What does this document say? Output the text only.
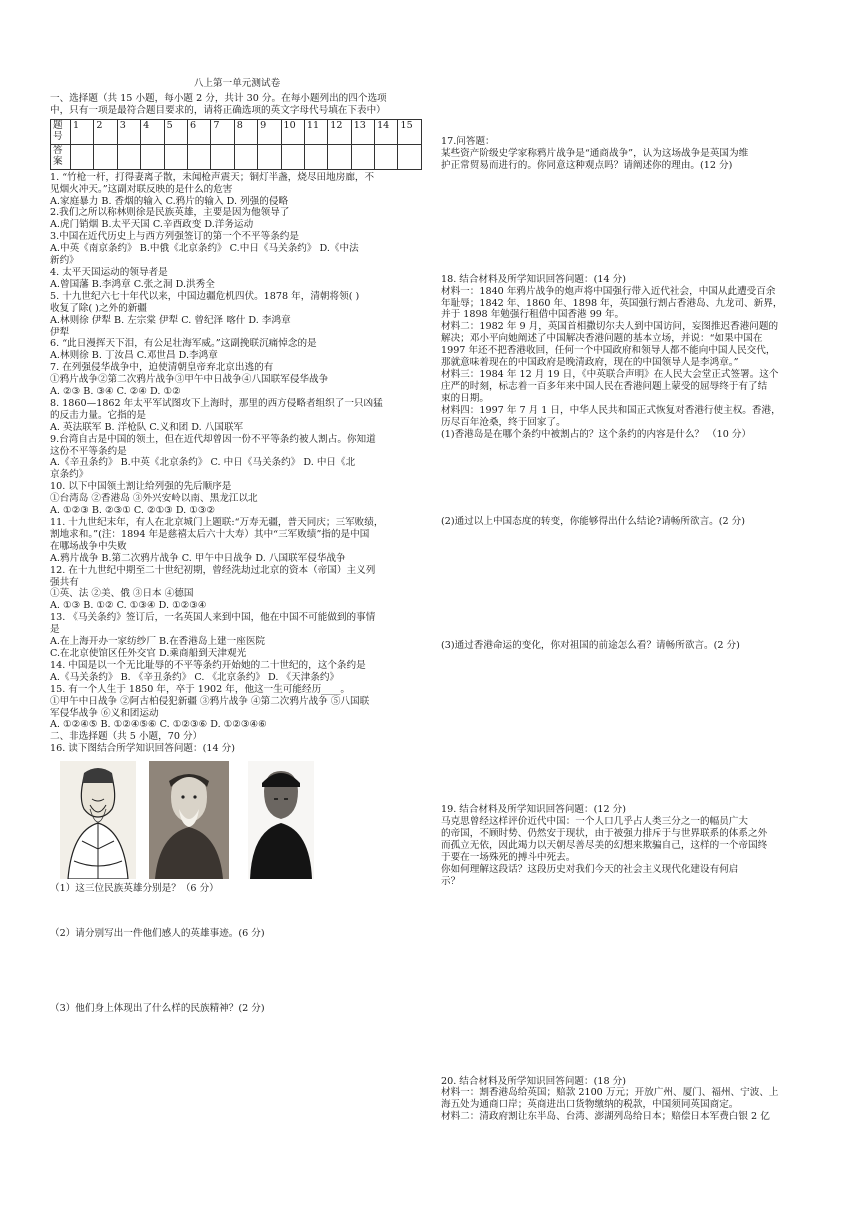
八上第一单元测试卷
一、选择题（共 15 小题，每小题 2 分，共计 30 分。在每小题列出的四个选项
中，只有一项是最符合题目要求的，请将正确选项的英文字母代号填在下表中）
题
号	1	2	3	4	5	6	7	8	9	10	11	12	13	14	15
答
案															
1. “竹枪一杆，打得妻离子散，未闻枪声震天；铜灯半盏，烧尽田地房廊，不
见烟火冲天。”这副对联反映的是什么的危害
A.家庭暴力 B. 香烟的输入 C.鸦片的输入 D. 列强的侵略
2.我们之所以称林则徐是民族英雄，主要是因为他领导了
A.虎门销烟 B.太平天国 C.辛酉政变 D.洋务运动
3.中国在近代历史上与西方列强签订的第一个不平等条约是
A.中英《南京条约》 B.中俄《北京条约》 C.中日《马关条约》 D.《中法
新约》
4. 太平天国运动的领导者是
A.曾国藩 B.李鸿章 C.张之洞 D.洪秀全
5. 十九世纪六七十年代以来，中国边疆危机四伏。1878 年，清朝将领( )
收复了除( )之外的新疆
A.林则徐 伊犁 B. 左宗棠 伊犁 C. 曾纪泽 喀什 D. 李鸿章
伊犁
6. “此日漫挥天下泪，有公足壮海军威。”这副挽联沉痛悼念的是
A.林则徐 B. 丁汝昌 C.邓世昌 D.李鸿章
7. 在列强侵华战争中，迫使清朝皇帝弃北京出逃的有
①鸦片战争②第二次鸦片战争③甲午中日战争④八国联军侵华战争
A. ②③ B. ③④ C. ②④ D. ①②
8. 1860—1862 年太平军试图攻下上海时，那里的西方侵略者组织了一只凶猛
的反击力量。它指的是
A. 英法联军 B. 洋枪队 C.义和团 D. 八国联军
9.台湾自古是中国的领土，但在近代却曾因一份不平等条约被人割占。你知道
这份不平等条约是
A.《辛丑条约》 B.中英《北京条约》 C. 中日《马关条约》 D. 中日《北
京条约》
10. 以下中国领土割让给列强的先后顺序是
①台湾岛 ②香港岛 ③外兴安岭以南、黑龙江以北
A. ①②③ B. ②③① C. ②①③ D. ①③②
11. 十九世纪末年，有人在北京城门上题联:“万寿无疆，普天同庆；三军败绩，
割地求和。”(注：1894 年是慈禧太后六十大寿）其中“三军败绩”指的是中国
在哪场战争中失败
A.鸦片战争 B.第二次鸦片战争 C. 甲午中日战争 D. 八国联军侵华战争
12. 在十九世纪中期至二十世纪初期，曾经洗劫过北京的资本（帝国）主义列
强共有
①英、法 ②美、俄 ③日本 ④德国
A. ①③ B. ①② C. ①③④ D. ①②③④
13. 《马关条约》签订后，一名英国人来到中国，他在中国不可能做到的事情
是
A.在上海开办一家纺纱厂 B.在香港岛上建一座医院
C.在北京使馆区任外交官 D.乘商船到天津观光
14. 中国是以一个无比耻辱的不平等条约开始她的二十世纪的，这个条约是
A.《马关条约》 B. 《辛丑条约》 C. 《北京条约》 D. 《天津条约》
15. 有一个人生于 1850 年，卒于 1902 年，他这一生可能经历____。
①甲午中日战争 ②阿古柏侵犯新疆 ③鸦片战争 ④第二次鸦片战争 ⑤八国联
军侵华战争 ⑥义和团运动
A. ①②④⑤ B. ①②④⑤⑥ C. ①②③⑥ D. ①②③④⑥
二、非选择题（共 5 小题，70 分）
16. 读下图结合所学知识回答问题：(14 分)
（1）这三位民族英雄分别是？（6 分）
（2）请分别写出一件他们感人的英雄事迹。(6 分)
（3）他们身上体现出了什么样的民族精神？(2 分)
17.问答题：
某些资产阶级史学家称鸦片战争是“通商战争”，认为这场战争是英国为维
护正常贸易而进行的。你同意这种观点吗？请阐述你的理由。(12 分)
18. 结合材料及所学知识回答问题：(14 分)
材料一：1840 年鸦片战争的炮声将中国强行带入近代社会，中国从此遭受百余
年耻辱；1842 年、1860 年、1898 年，英国强行割占香港岛、九龙司、新界，
并于 1898 年勉强行租借中国香港 99 年。
材料二：1982 年 9 月，英国首相撒切尔夫人到中国访问，妄图推迟香港问题的
解决；邓小平向她阐述了中国解决香港问题的基本立场，并说：“如果中国在
1997 年还不把香港收回，任何一个中国政府和领导人都不能向中国人民交代，
那就意味着现在的中国政府是晚清政府，现在的中国领导人是李鸿章。”
材料三：1984 年 12 月 19 日，《中英联合声明》在人民大会堂正式签署。这个
庄严的时刻，标志着一百多年来中国人民在香港问题上蒙受的屈辱终于有了结
束的日期。
材料四：1997 年 7 月 1 日，中华人民共和国正式恢复对香港行使主权。香港，
历尽百年沧桑，终于回家了。
(1)香港岛是在哪个条约中被割占的？这个条约的内容是什么？ （10 分）
(2)通过以上中国态度的转变，你能够得出什么结论?请畅所欲言。(2 分)
(3)通过香港命运的变化，你对祖国的前途怎么看？请畅所欲言。(2 分)
19. 结合材料及所学知识回答问题：(12 分)
马克思曾经这样评价近代中国：一个人口几乎占人类三分之一的幅员广大
的帝国，不顾时势、仍然安于现状，由于被强力排斥于与世界联系的体系之外
而孤立无依，因此竭力以天朝尽善尽美的幻想来欺骗自己，这样的一个帝国终
于要在一场殊死的搏斗中死去。
你如何理解这段话？这段历史对我们今天的社会主义现代化建设有何启
示？
20. 结合材料及所学知识回答问题：(18 分)
材料一：割香港岛给英国；赔款 2100 万元；开放广州、厦门、福州、宁波、上
海五处为通商口岸；英商进出口货物缴纳的税款，中国须同英国商定。
材料二：清政府割让东半岛、台湾、澎湖列岛给日本；赔偿日本军费白银 2 亿
